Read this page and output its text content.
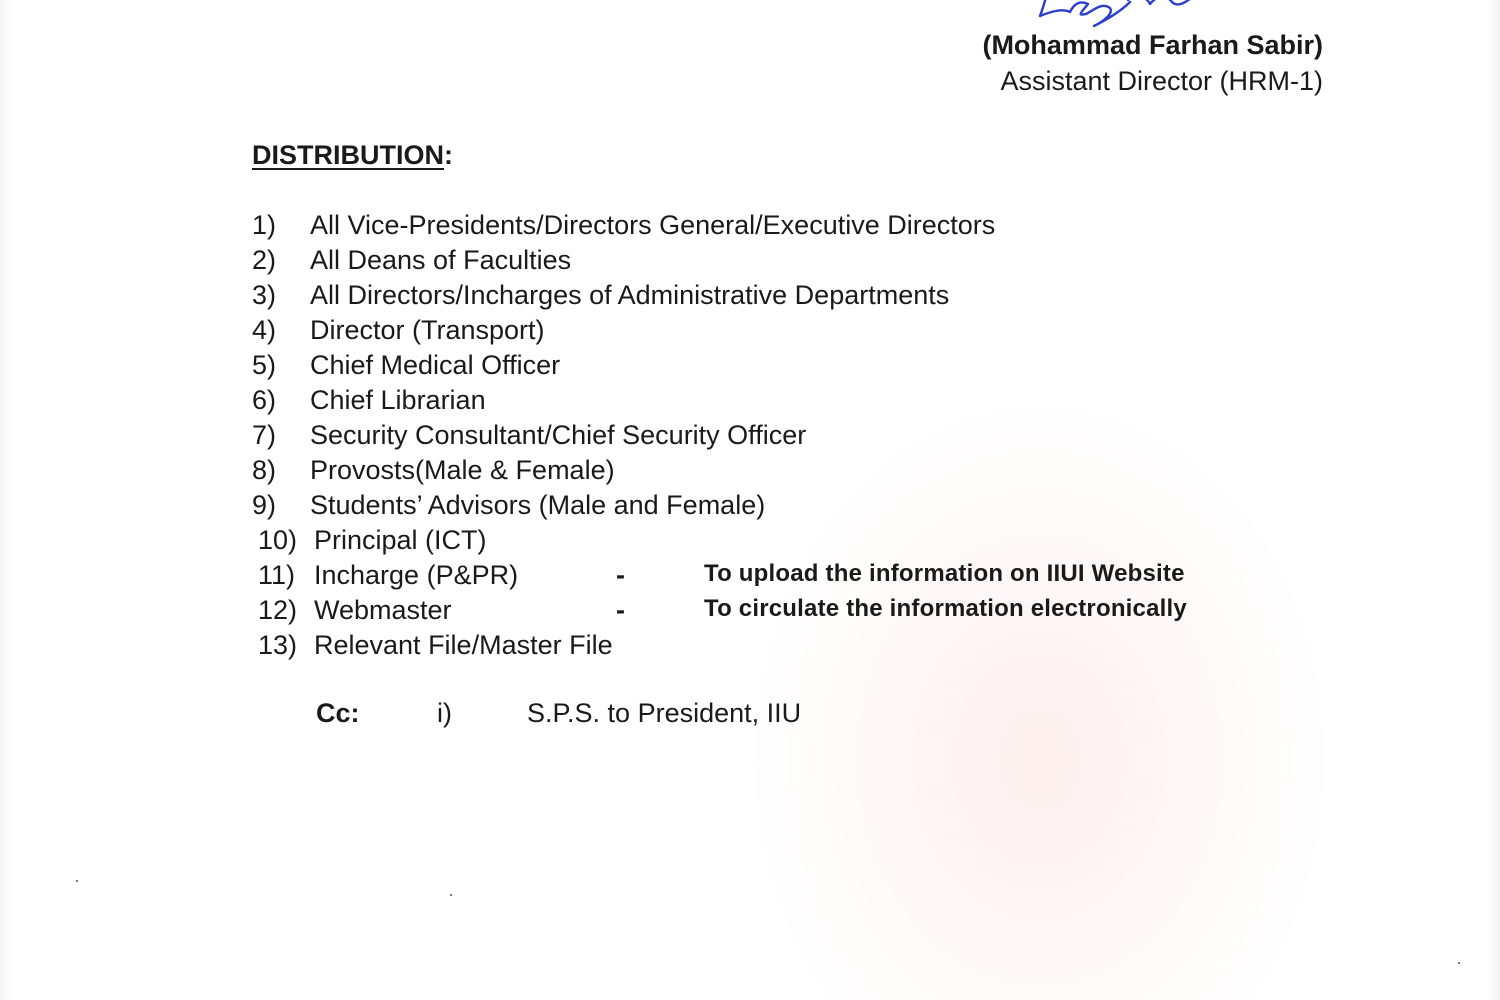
(Mohammad Farhan Sabir)
Assistant Director (HRM-1)
DISTRIBUTION:
1) All Vice-Presidents/Directors General/Executive Directors
2) All Deans of Faculties
3) All Directors/Incharges of Administrative Departments
4) Director (Transport)
5) Chief Medical Officer
6) Chief Librarian
7) Security Consultant/Chief Security Officer
8) Provosts(Male & Female)
9) Students’ Advisors (Male and Female)
10) Principal (ICT)
11) Incharge (P&PR)	-	To upload the information on IIUI Website
12) Webmaster	-	To circulate the information electronically
13) Relevant File/Master File
Cc:	i)	S.P.S. to President, IIU
